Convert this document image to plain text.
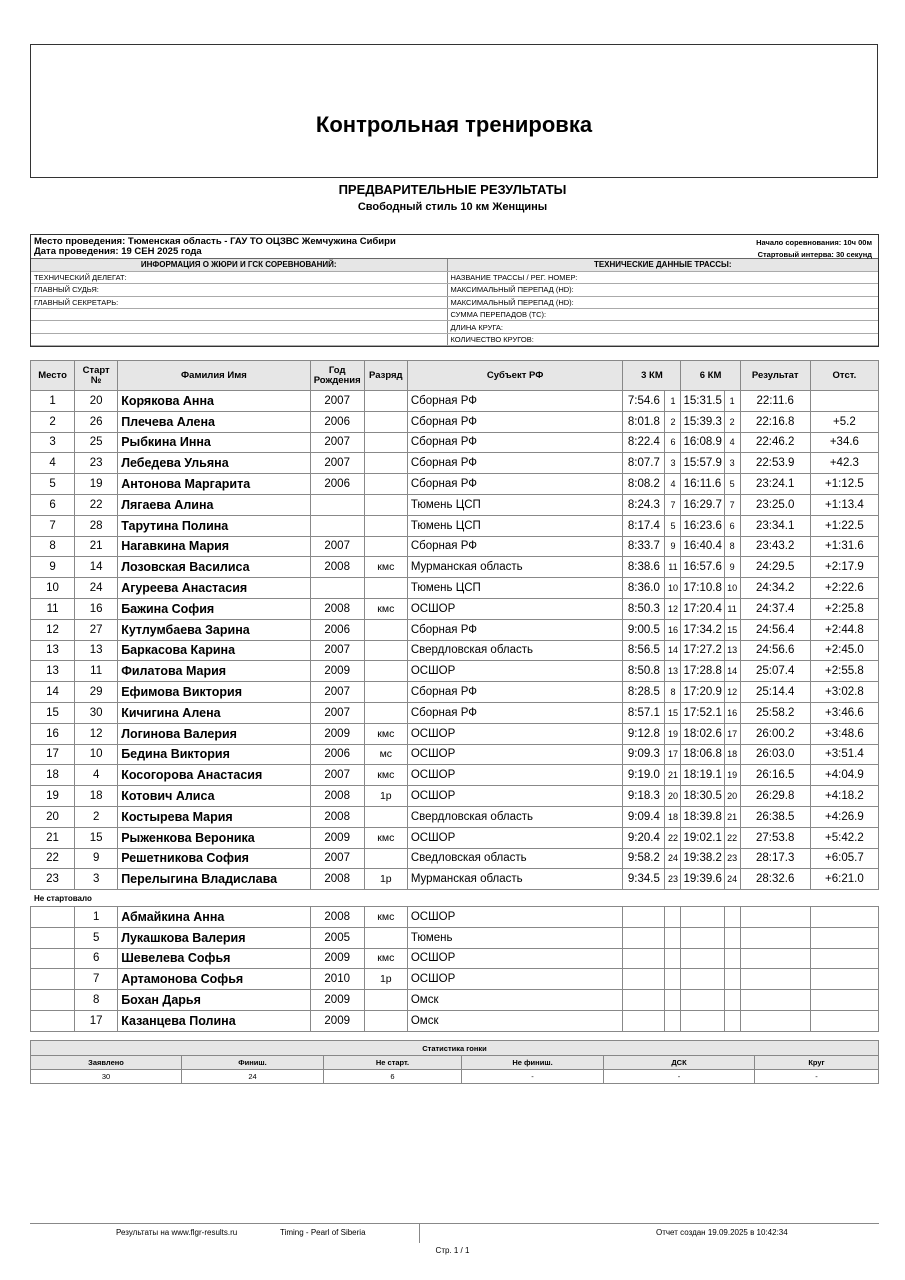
Контрольная тренировка
ПРЕДВАРИТЕЛЬНЫЕ РЕЗУЛЬТАТЫ
Свободный стиль 10 км Женщины
Место проведения: Тюменская область - ГАУ ТО ОЦЗВС Жемчужина Сибири
Дата проведения: 19 СЕН 2025 года
Начало соревнования: 10ч 00м
Стартовый интерва: 30 секунд
ИНФОРМАЦИЯ О ЖЮРИ И ГСК СОРЕВНОВАНИЙ:	ТЕХНИЧЕСКИЕ ДАННЫЕ ТРАССЫ:
ТЕХНИЧЕСКИЙ ДЕЛЕГАТ:	НАЗВАНИЕ ТРАССЫ / РЕГ. НОМЕР:
ГЛАВНЫЙ СУДЬЯ:	МАКСИМАЛЬНЫЙ ПЕРЕПАД (HD):
ГЛАВНЫЙ СЕКРЕТАРЬ:	МАКСИМАЛЬНЫЙ ПЕРЕПАД (HD):
	СУММА ПЕРЕПАДОВ (ТС):
	ДЛИНА КРУГА:
	КОЛИЧЕСТВО КРУГОВ:
Место	Старт №	Фамилия Имя	Год Рождения	Разряд	Субъект РФ	3 КМ		6 КМ		Результат	Отст.
1	20	Корякова Анна	2007		Сборная РФ	7:54.6	1	15:31.5	1	22:11.6	
2	26	Плечева Алена	2006		Сборная РФ	8:01.8	2	15:39.3	2	22:16.8	+5.2
3	25	Рыбкина Инна	2007		Сборная РФ	8:22.4	6	16:08.9	4	22:46.2	+34.6
4	23	Лебедева Ульяна	2007		Сборная РФ	8:07.7	3	15:57.9	3	22:53.9	+42.3
5	19	Антонова Маргарита	2006		Сборная РФ	8:08.2	4	16:11.6	5	23:24.1	+1:12.5
6	22	Лягаева Алина			Тюмень ЦСП	8:24.3	7	16:29.7	7	23:25.0	+1:13.4
7	28	Тарутина Полина			Тюмень ЦСП	8:17.4	5	16:23.6	6	23:34.1	+1:22.5
8	21	Нагавкина Мария	2007		Сборная РФ	8:33.7	9	16:40.4	8	23:43.2	+1:31.6
9	14	Лозовская Василиса	2008	кмс	Мурманская область	8:38.6	11	16:57.6	9	24:29.5	+2:17.9
10	24	Агуреева Анастасия			Тюмень ЦСП	8:36.0	10	17:10.8	10	24:34.2	+2:22.6
11	16	Бажина София	2008	кмс	ОСШОР	8:50.3	12	17:20.4	11	24:37.4	+2:25.8
12	27	Кутлумбаева Зарина	2006		Сборная РФ	9:00.5	16	17:34.2	15	24:56.4	+2:44.8
13	13	Баркасова Карина	2007		Свердловская область	8:56.5	14	17:27.2	13	24:56.6	+2:45.0
13	11	Филатова Мария	2009		ОСШОР	8:50.8	13	17:28.8	14	25:07.4	+2:55.8
14	29	Ефимова Виктория	2007		Сборная РФ	8:28.5	8	17:20.9	12	25:14.4	+3:02.8
15	30	Кичигина Алена	2007		Сборная РФ	8:57.1	15	17:52.1	16	25:58.2	+3:46.6
16	12	Логинова Валерия	2009	кмс	ОСШОР	9:12.8	19	18:02.6	17	26:00.2	+3:48.6
17	10	Бедина Виктория	2006	мс	ОСШОР	9:09.3	17	18:06.8	18	26:03.0	+3:51.4
18	4	Косогорова Анастасия	2007	кмс	ОСШОР	9:19.0	21	18:19.1	19	26:16.5	+4:04.9
19	18	Котович Алиса	2008	1р	ОСШОР	9:18.3	20	18:30.5	20	26:29.8	+4:18.2
20	2	Костырева Мария	2008		Свердловская область	9:09.4	18	18:39.8	21	26:38.5	+4:26.9
21	15	Рыженкова Вероника	2009	кмс	ОСШОР	9:20.4	22	19:02.1	22	27:53.8	+5:42.2
22	9	Решетникова София	2007		Сведловская область	9:58.2	24	19:38.2	23	28:17.3	+6:05.7
23	3	Перелыгина Владислава	2008	1р	Мурманская область	9:34.5	23	19:39.6	24	28:32.6	+6:21.0
Не стартовало
	1	Абмайкина Анна	2008	кмс	ОСШОР						
	5	Лукашкова Валерия	2005		Тюмень						
	6	Шевелева Софья	2009	кмс	ОСШОР						
	7	Артамонова Софья	2010	1р	ОСШОР						
	8	Бохан Дарья	2009		Омск						
	17	Казанцева Полина	2009		Омск						
Статистика гонки					
Заявлено	Финиш.	Не старт.	Не финиш.	ДСК	Круг
30	24	6	-	-	-
Результаты на www.flgr-results.ru	Timing - Pearl of Siberia	Отчет создан 19.09.2025 в 10:42:34
Стр. 1 / 1
